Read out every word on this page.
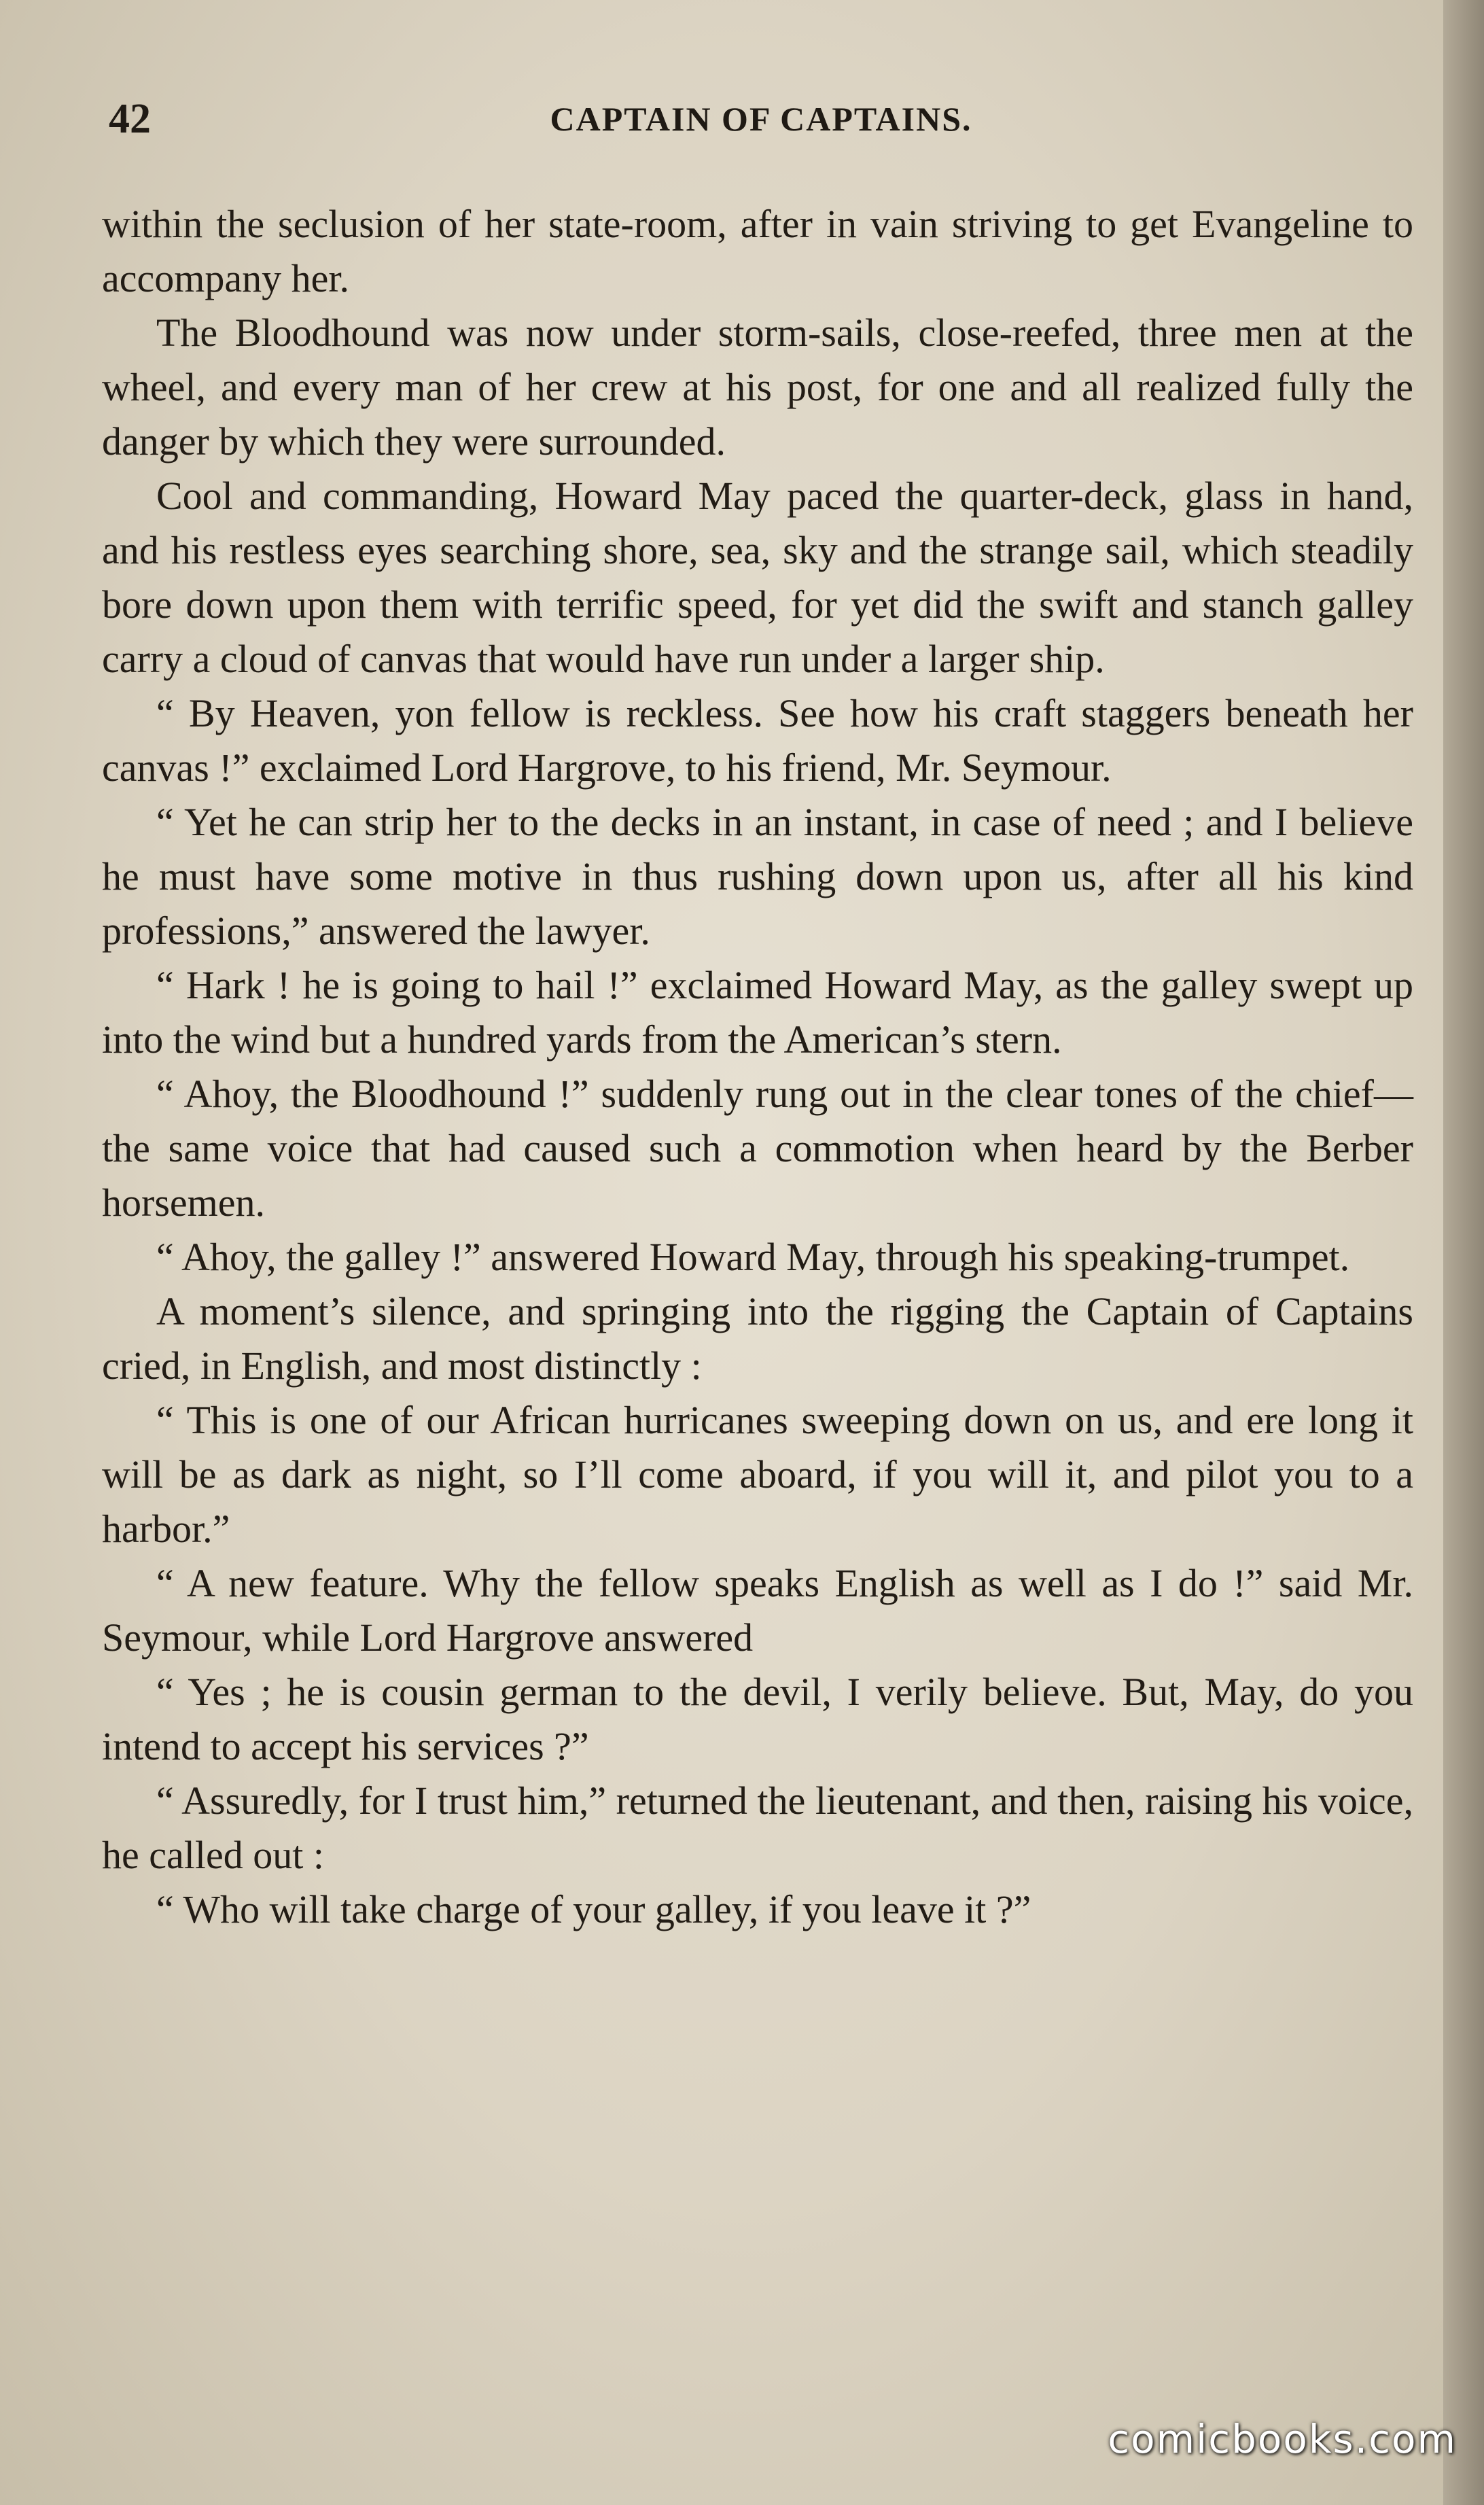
42	CAPTAIN OF CAPTAINS.

within the seclusion of her state-room, after in vain striving to get Evangeline to accompany her.

The Bloodhound was now under storm-sails, close-reefed, three men at the wheel, and every man of her crew at his post, for one and all realized fully the danger by which they were surrounded.

Cool and commanding, Howard May paced the quarter-deck, glass in hand, and his restless eyes searching shore, sea, sky and the strange sail, which steadily bore down upon them with terrific speed, for yet did the swift and stanch galley carry a cloud of canvas that would have run under a larger ship.

“ By Heaven, yon fellow is reckless. See how his craft staggers beneath her canvas !” exclaimed Lord Hargrove, to his friend, Mr. Seymour.

“ Yet he can strip her to the decks in an instant, in case of need ; and I believe he must have some motive in thus rushing down upon us, after all his kind professions,” answered the lawyer.

“ Hark ! he is going to hail !” exclaimed Howard May, as the galley swept up into the wind but a hundred yards from the American’s stern.

“ Ahoy, the Bloodhound !” suddenly rung out in the clear tones of the chief—the same voice that had caused such a commotion when heard by the Berber horsemen.

“ Ahoy, the galley !” answered Howard May, through his speaking-trumpet.

A moment’s silence, and springing into the rigging the Captain of Captains cried, in English, and most distinctly :

“ This is one of our African hurricanes sweeping down on us, and ere long it will be as dark as night, so I’ll come aboard, if you will it, and pilot you to a harbor.”

“ A new feature. Why the fellow speaks English as well as I do !” said Mr. Seymour, while Lord Hargrove answered

“ Yes ; he is cousin german to the devil, I verily believe. But, May, do you intend to accept his services ?”

“ Assuredly, for I trust him,” returned the lieutenant, and then, raising his voice, he called out :

“ Who will take charge of your galley, if you leave it ?”

comicbooks.com
